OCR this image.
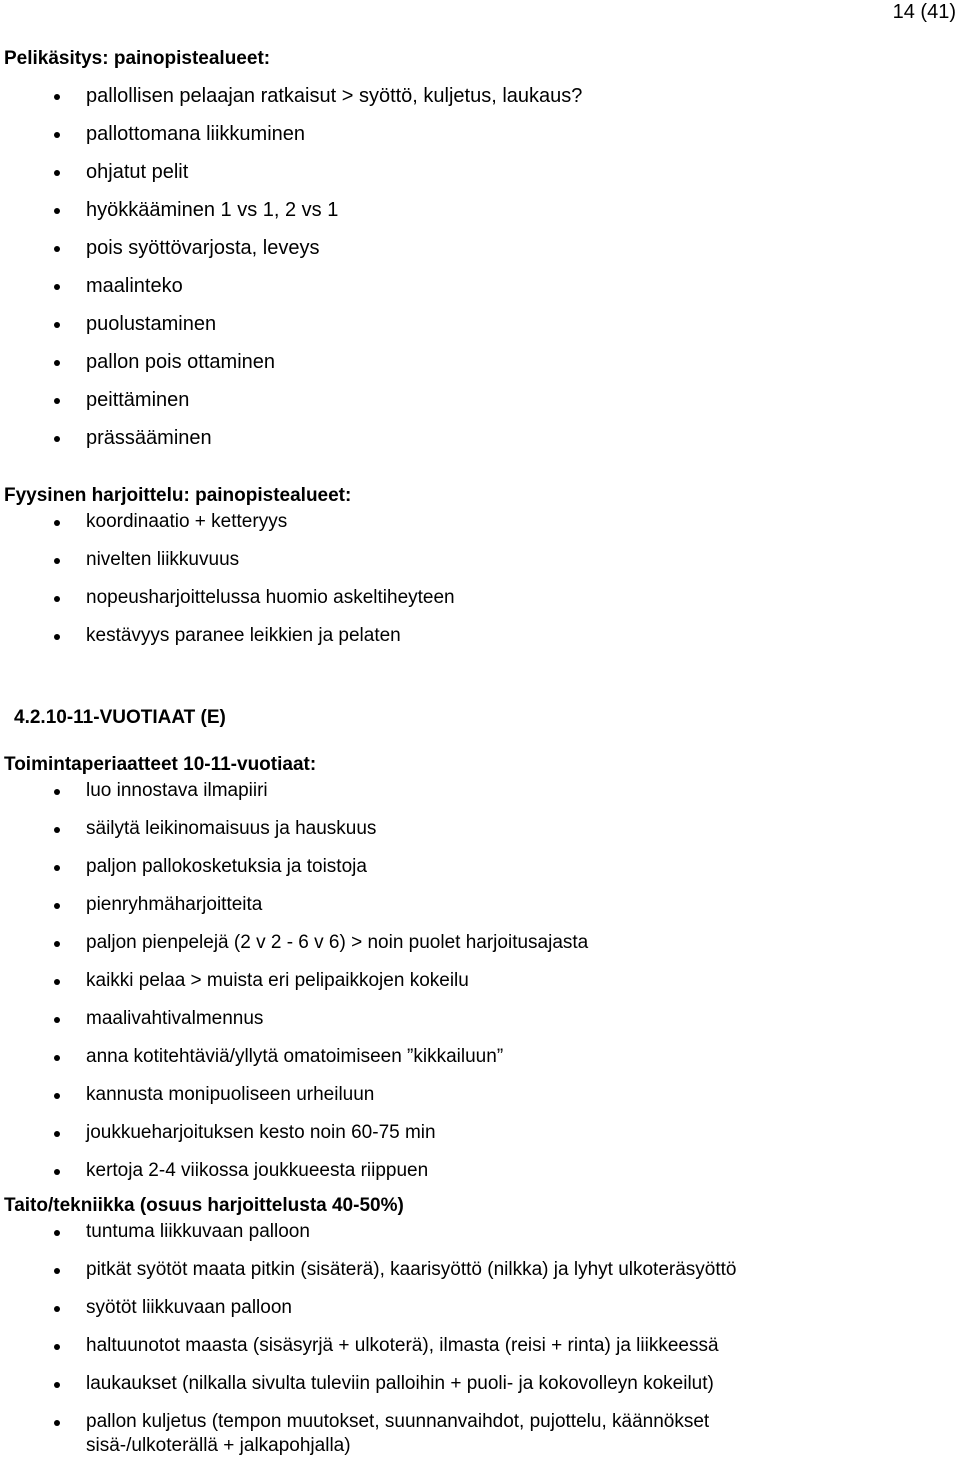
14 (41)
Pelikäsitys: painopistealueet:
pallollisen pelaajan ratkaisut > syöttö, kuljetus, laukaus?
pallottomana liikkuminen
ohjatut pelit
hyökkääminen 1 vs 1, 2 vs 1
pois syöttövarjosta, leveys
maalinteko
puolustaminen
pallon pois ottaminen
peittäminen
prässääminen
Fyysinen harjoittelu: painopistealueet:
koordinaatio + ketteryys
nivelten liikkuvuus
nopeusharjoittelussa huomio askeltiheyteen
kestävyys paranee leikkien ja pelaten
4.2.10-11-VUOTIAAT (E)
Toimintaperiaatteet 10-11-vuotiaat:
luo innostava ilmapiiri
säilytä leikinomaisuus ja hauskuus
paljon pallokosketuksia ja toistoja
pienryhmäharjoitteita
paljon pienpelejä (2 v 2 - 6 v 6) > noin puolet harjoitusajasta
kaikki pelaa > muista eri pelipaikkojen kokeilu
maalivahtivalmennus
anna kotitehtäviä/yllytä omatoimiseen ”kikkailuun”
kannusta monipuoliseen urheiluun
joukkueharjoituksen kesto noin 60-75 min
kertoja 2-4 viikossa joukkueesta riippuen
Taito/tekniikka (osuus harjoittelusta 40-50%)
tuntuma liikkuvaan palloon
pitkät syötöt maata pitkin (sisäterä), kaarisyöttö (nilkka) ja lyhyt ulkoteräsyöttö
syötöt liikkuvaan palloon
haltuunotot maasta (sisäsyrjä + ulkoterä), ilmasta (reisi + rinta) ja liikkeessä
laukaukset (nilkalla sivulta tuleviin palloihin + puoli- ja kokovolleyn kokeilut)
pallon kuljetus (tempon muutokset, suunnanvaihdot, pujottelu, käännökset sisä-/ulkoterällä + jalkapohjalla)
